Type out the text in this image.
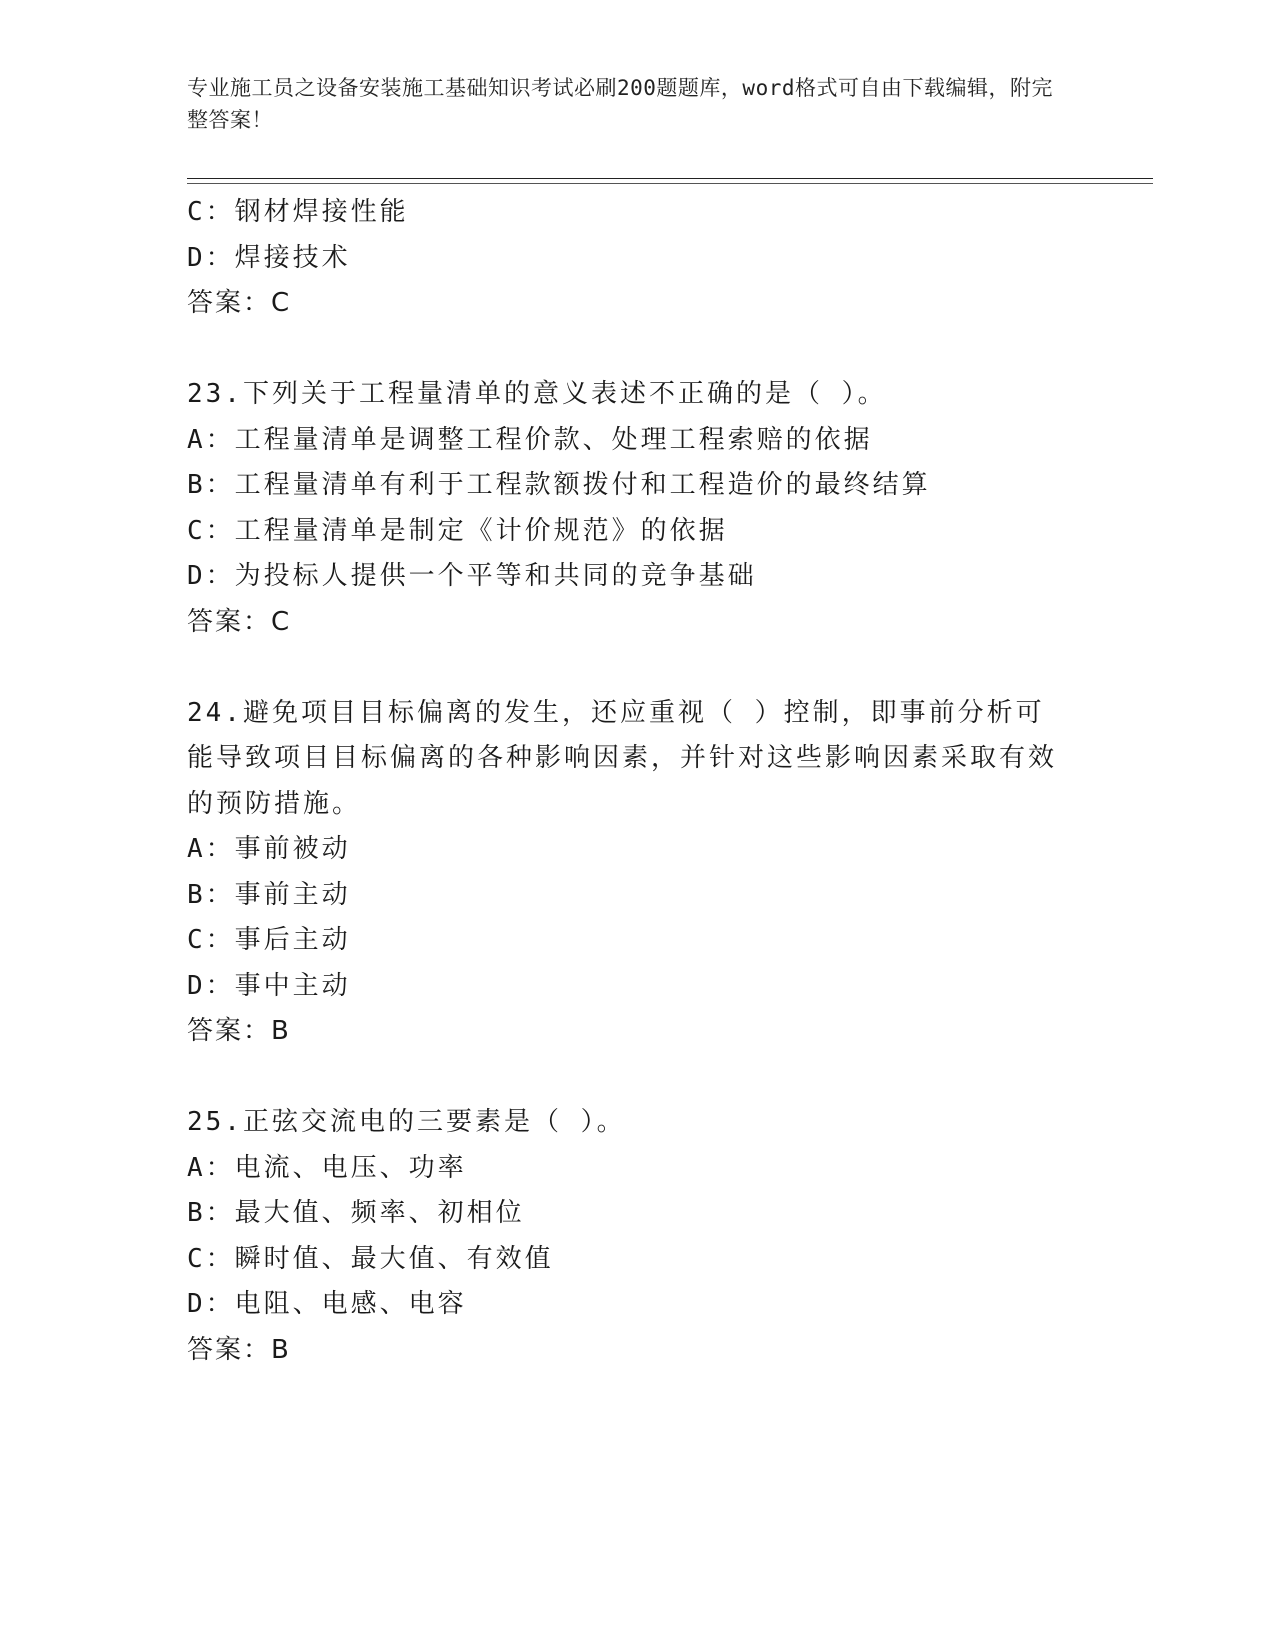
专业施工员之设备安装施工基础知识考试必刷200题题库，word格式可自由下载编辑，附完整答案！
C：钢材焊接性能
D：焊接技术
答案：C
23.下列关于工程量清单的意义表述不正确的是（ ）。
A：工程量清单是调整工程价款、处理工程索赔的依据
B：工程量清单有利于工程款额拨付和工程造价的最终结算
C：工程量清单是制定《计价规范》的依据
D：为投标人提供一个平等和共同的竞争基础
答案：C
24.避免项目目标偏离的发生，还应重视（ ）控制，即事前分析可能导致项目目标偏离的各种影响因素，并针对这些影响因素采取有效的预防措施。
A：事前被动
B：事前主动
C：事后主动
D：事中主动
答案：B
25.正弦交流电的三要素是（ ）。
A：电流、电压、功率
B：最大值、频率、初相位
C：瞬时值、最大值、有效值
D：电阻、电感、电容
答案：B
